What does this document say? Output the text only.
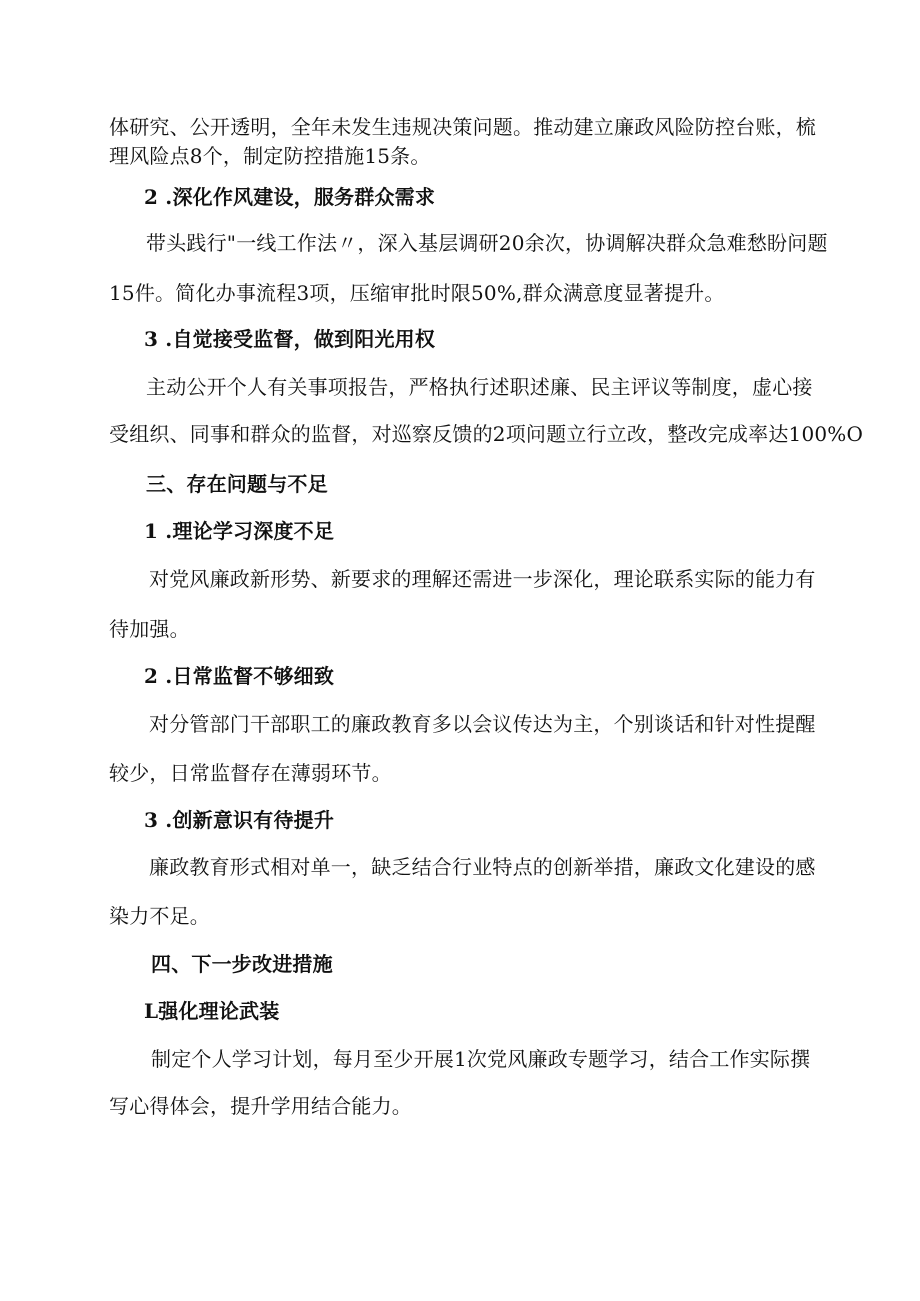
体研究、公开透明，全年未发生违规决策问题。推动建立廉政风险防控台账，梳
理风险点8个，制定防控措施15条。
2 .深化作风建设，服务群众需求
带头践行"一线工作法〃，深入基层调研20余次，协调解决群众急难愁盼问题
15件。简化办事流程3项，压缩审批时限50%,群众满意度显著提升。
3 .自觉接受监督，做到阳光用权
主动公开个人有关事项报告，严格执行述职述廉、民主评议等制度，虚心接
受组织、同事和群众的监督，对巡察反馈的2项问题立行立改，整改完成率达100%O
三、存在问题与不足
1 .理论学习深度不足
对党风廉政新形势、新要求的理解还需进一步深化，理论联系实际的能力有
待加强。
2 .日常监督不够细致
对分管部门干部职工的廉政教育多以会议传达为主，个别谈话和针对性提醒
较少，日常监督存在薄弱环节。
3 .创新意识有待提升
廉政教育形式相对单一，缺乏结合行业特点的创新举措，廉政文化建设的感
染力不足。
四、下一步改进措施
L强化理论武装
制定个人学习计划，每月至少开展1次党风廉政专题学习，结合工作实际撰
写心得体会，提升学用结合能力。
